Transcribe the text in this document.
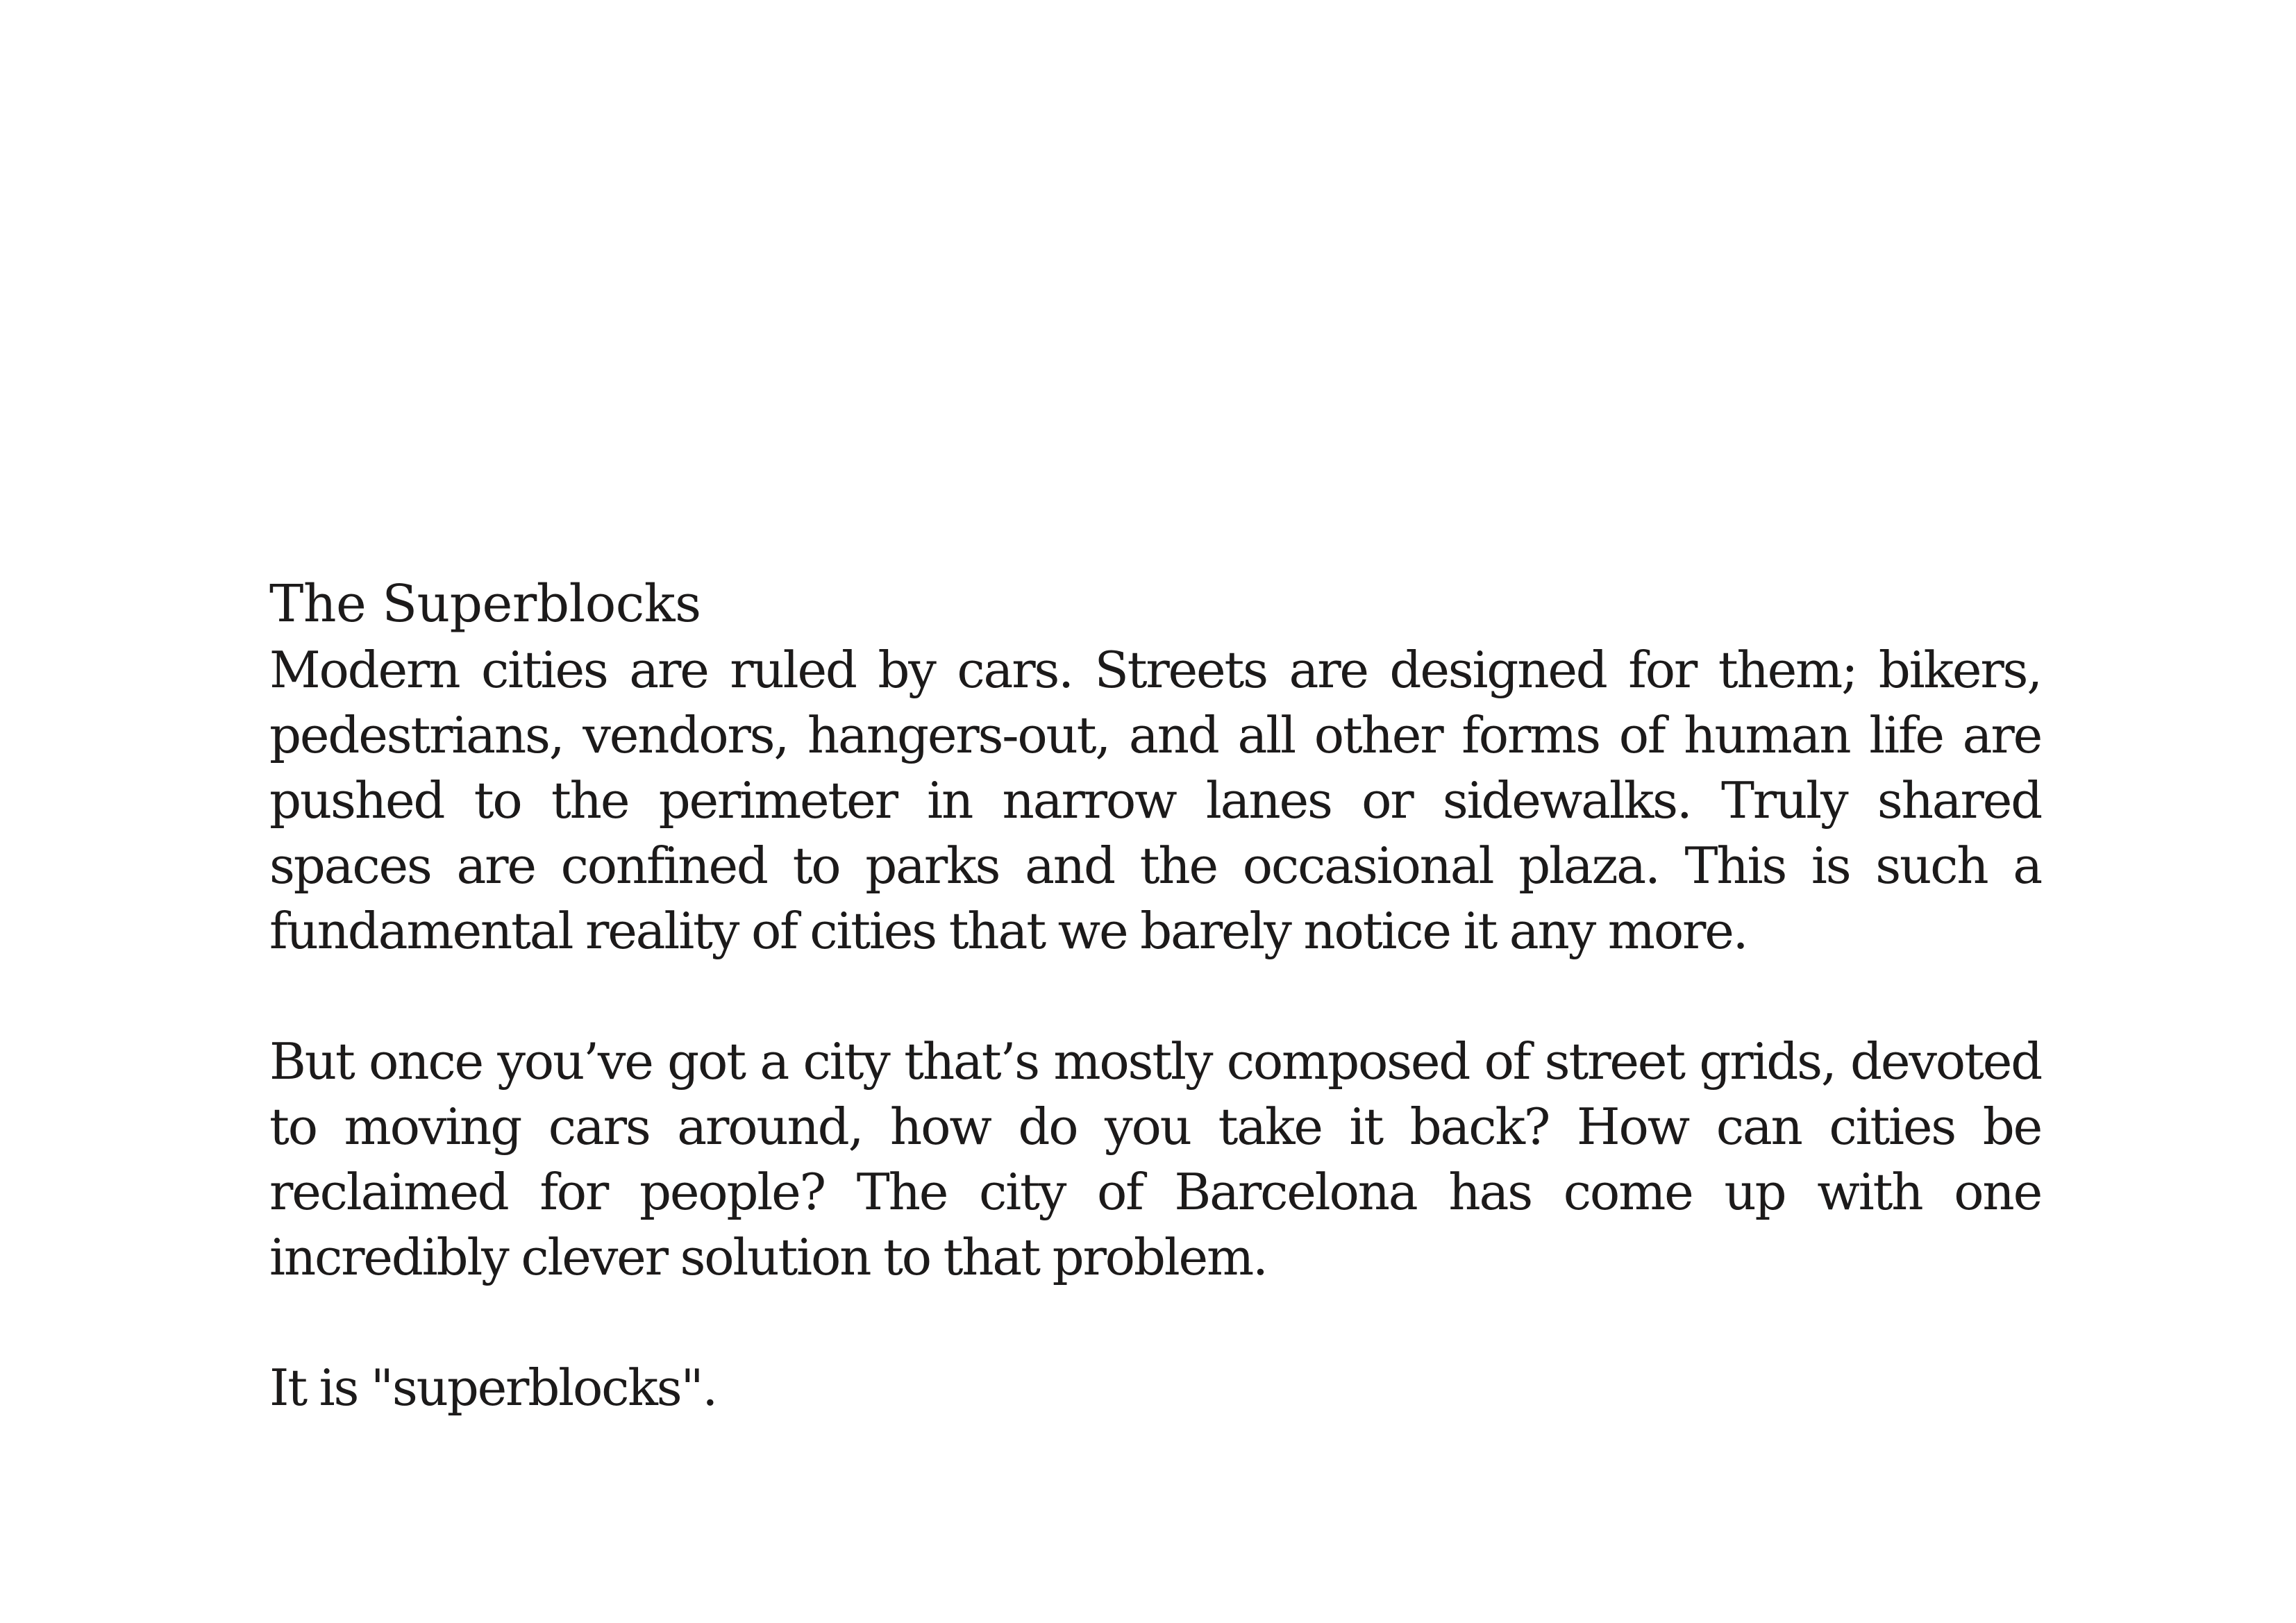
The Superblocks

Modern cities are ruled by cars. Streets are designed for them; bikers, pedestrians, vendors, hangers-out, and all other forms of human life are pushed to the perimeter in narrow lanes or sidewalks. Truly shared spaces are confined to parks and the occasional plaza. This is such a fundamental reality of cities that we barely notice it any more.

But once you’ve got a city that’s mostly composed of street grids, devoted to moving cars around, how do you take it back? How can cities be reclaimed for people? The city of Barcelona has come up with one incredibly clever solution to that problem.

It is "superblocks".
